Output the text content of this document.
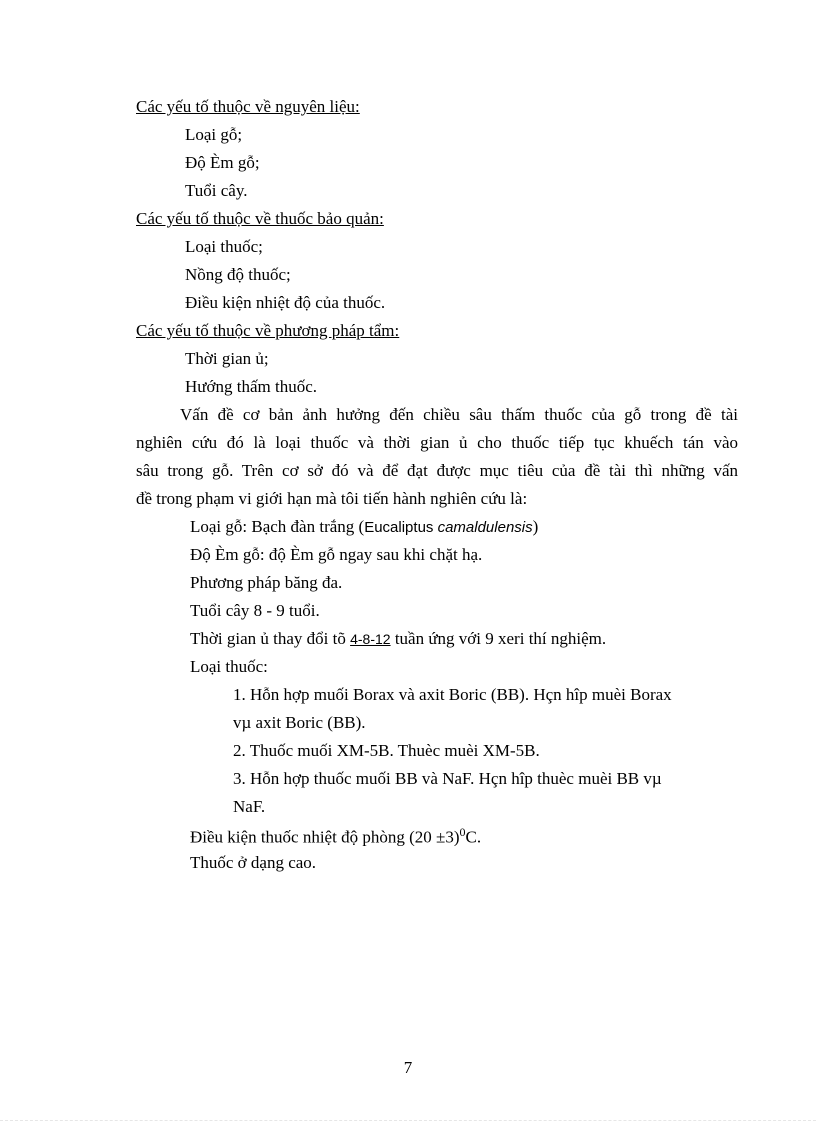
Các yếu tố thuộc về nguyên liệu:
Loại gỗ;
Độ Èm gỗ;
Tuổi cây.
Các yếu tố thuộc về thuốc bảo quản:
Loại thuốc;
Nồng độ thuốc;
Điều kiện nhiệt độ của thuốc.
Các yếu tố thuộc về phương pháp tẩm:
Thời gian ủ;
Hướng thấm thuốc.
Vấn đề cơ bản ảnh hưởng đến chiều sâu thấm thuốc của gỗ trong đề tài
nghiên cứu đó là loại thuốc và thời gian ủ cho thuốc tiếp tục khuếch tán vào
sâu trong gỗ. Trên cơ sở đó và để đạt được mục tiêu của đề tài thì những vấn
đề trong phạm vi giới hạn mà tôi tiến hành nghiên cứu là:
Loại gỗ: Bạch đàn trắng (Eucaliptus camaldulensis)
Độ Èm gỗ: độ Èm gỗ ngay sau khi chặt hạ.
Phương pháp băng đa.
Tuổi cây 8 - 9 tuổi.
Thời gian ủ thay đổi tõ 4-8-12 tuần ứng với 9 xeri thí nghiệm.
Loại thuốc:
1. Hỗn hợp muối Borax và axit Boric (BB). Hçn hîp muèi Borax
vµ axit Boric (BB).
2. Thuốc muối XM-5B. Thuèc muèi XM-5B.
3. Hỗn hợp thuốc muối BB và NaF. Hçn hîp thuèc muèi BB vµ
NaF.
Điều kiện thuốc nhiệt độ phòng $(20 \pm 3)^0C$.
Thuốc ở dạng cao.
7
